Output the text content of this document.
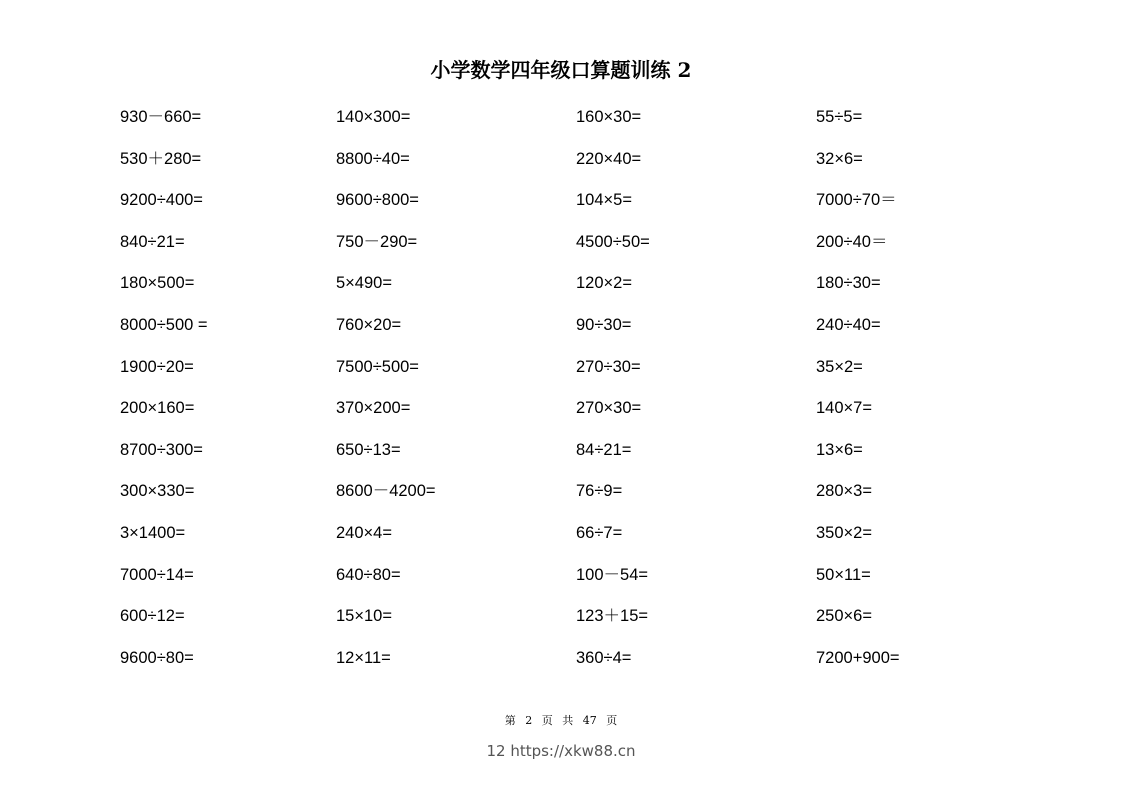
小学数学四年级口算题训练 2
930－660=	140×300=	160×30=	55÷5=
530＋280=	8800÷40=	220×40=	32×6=
9200÷400=	9600÷800=	104×5=	7000÷70＝
840÷21=	750－290=	4500÷50=	200÷40＝
180×500=	5×490=	120×2=	180÷30=
8000÷500 =	760×20=	90÷30=	240÷40=
1900÷20=	7500÷500=	270÷30=	35×2=
200×160=	370×200=	270×30=	140×7=
8700÷300=	650÷13=	84÷21=	13×6=
300×330=	8600－4200=	76÷9=	280×3=
3×1400=	240×4=	66÷7=	350×2=
7000÷14=	640÷80=	100－54=	50×11=
600÷12=	15×10=	123＋15=	250×6=
9600÷80=	12×11=	360÷4=	7200+900=
第 2 页 共 47 页
12 https://xkw88.cn
